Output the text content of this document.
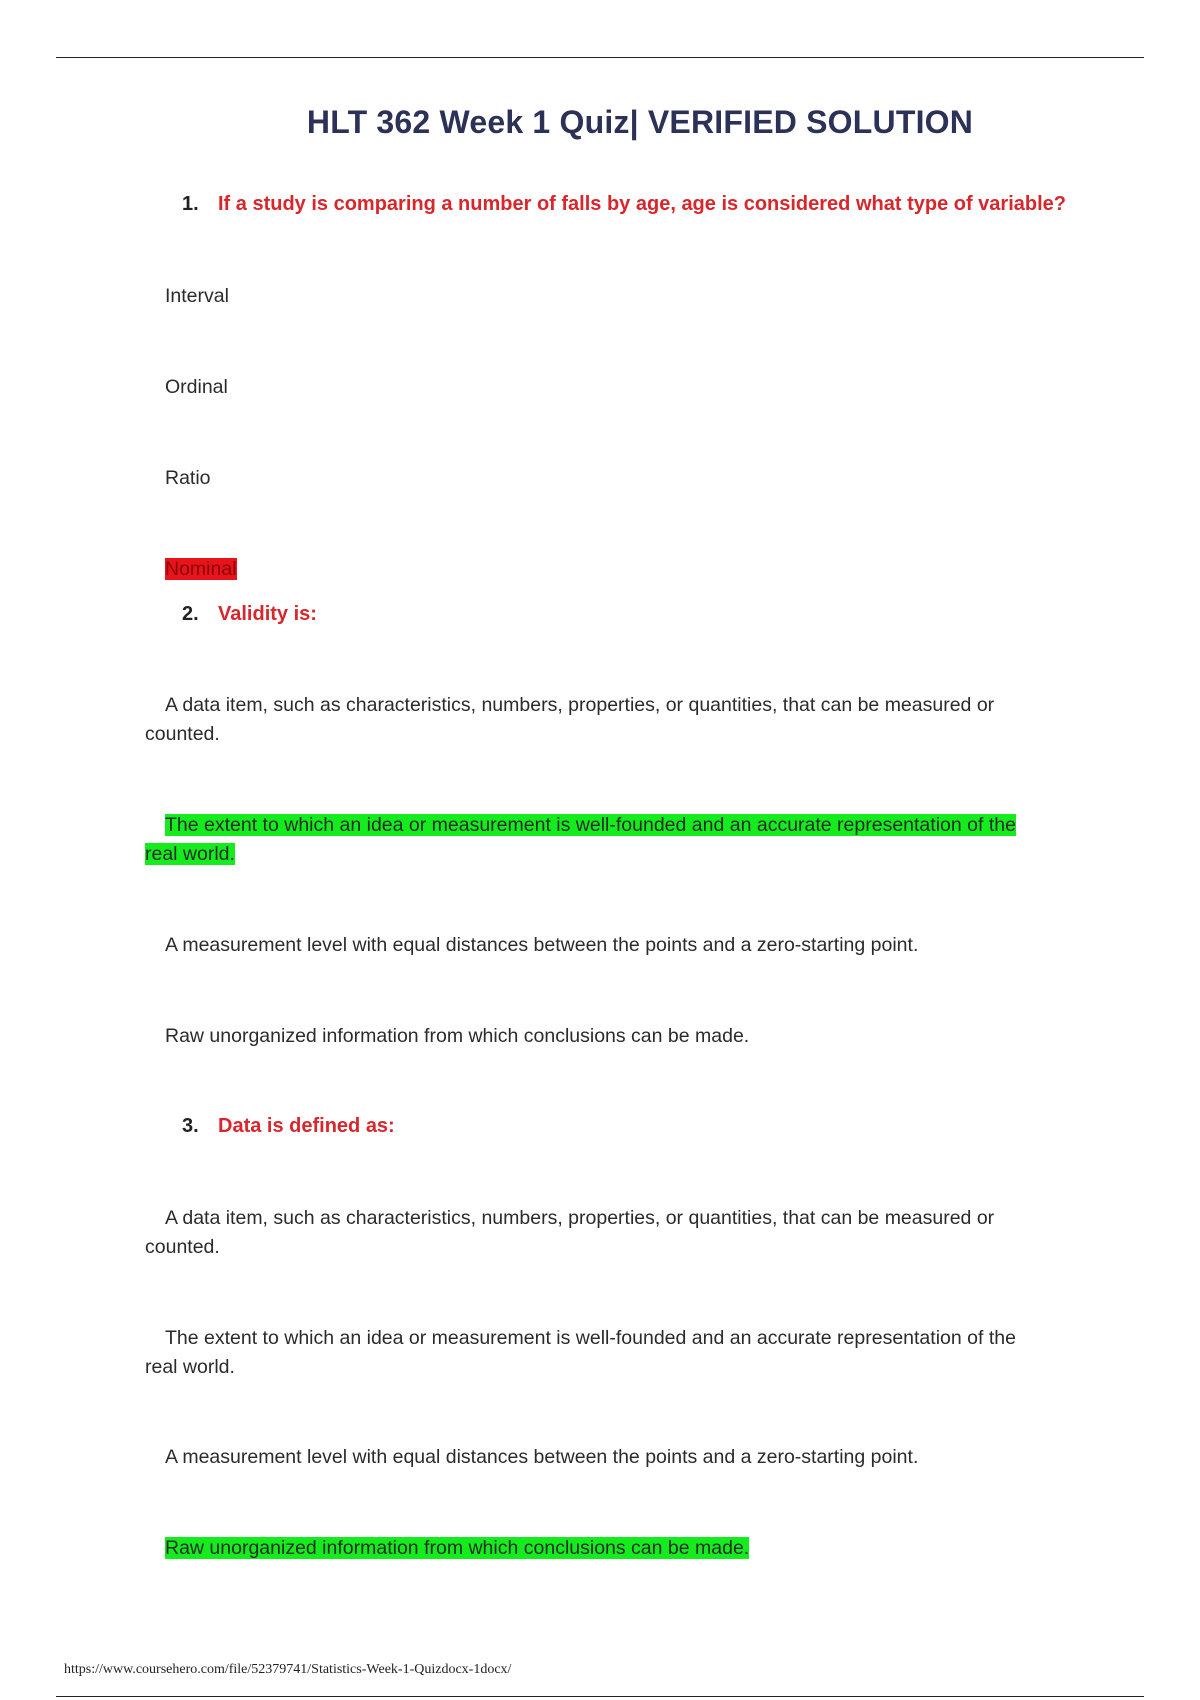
HLT 362 Week 1 Quiz| VERIFIED SOLUTION
1. If a study is comparing a number of falls by age, age is considered what type of variable?
Interval
Ordinal
Ratio
Nominal
2. Validity is:
A data item, such as characteristics, numbers, properties, or quantities, that can be measured or counted.
The extent to which an idea or measurement is well-founded and an accurate representation of the real world.
A measurement level with equal distances between the points and a zero-starting point.
Raw unorganized information from which conclusions can be made.
3. Data is defined as:
A data item, such as characteristics, numbers, properties, or quantities, that can be measured or counted.
The extent to which an idea or measurement is well-founded and an accurate representation of the real world.
A measurement level with equal distances between the points and a zero-starting point.
Raw unorganized information from which conclusions can be made.
https://www.coursehero.com/file/52379741/Statistics-Week-1-Quizdocx-1docx/
